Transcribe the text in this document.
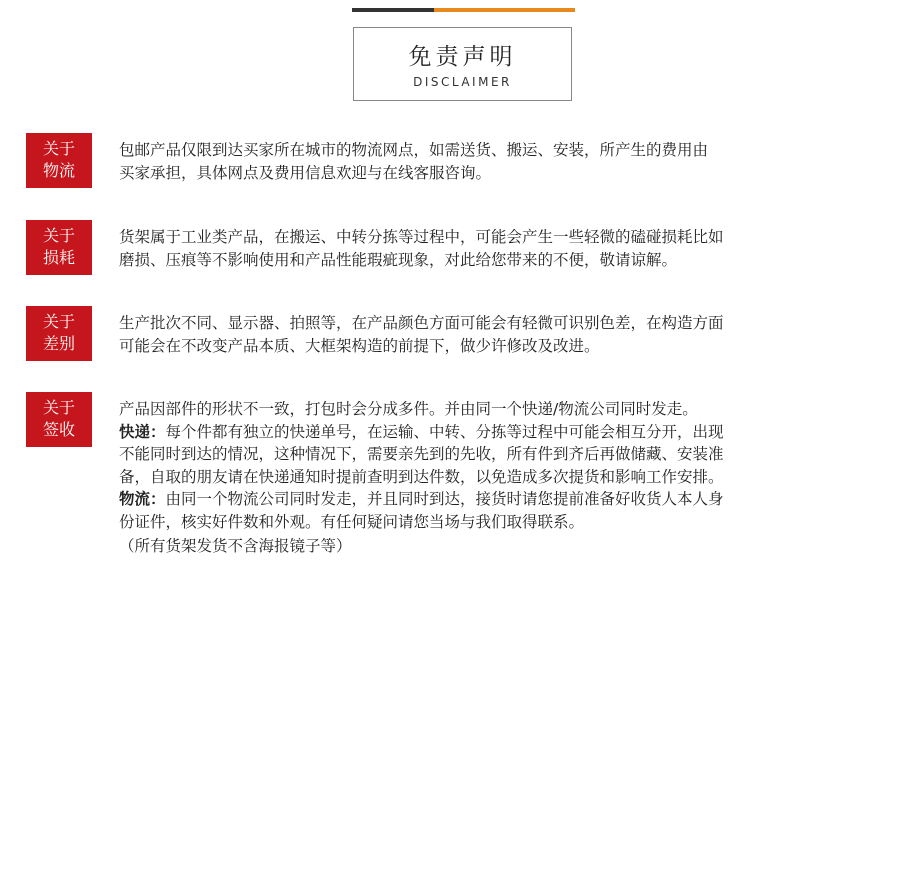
免责声明
DISCLAIMER
关于
物流

包邮产品仅限到达买家所在城市的物流网点，如需送货、搬运、安装，所产生的费用由

买家承担，具体网点及费用信息欢迎与在线客服咨询。

关于
损耗

货架属于工业类产品，在搬运、中转分拣等过程中，可能会产生一些轻微的磕碰损耗比如

磨损、压痕等不影响使用和产品性能瑕疵现象，对此给您带来的不便，敬请谅解。

关于
差别

生产批次不同、显示器、拍照等，在产品颜色方面可能会有轻微可识别色差，在构造方面

可能会在不改变产品本质、大框架构造的前提下，做少许修改及改进。

关于
签收

产品因部件的形状不一致，打包时会分成多件。并由同一个快递/物流公司同时发走。

快递：每个件都有独立的快递单号，在运输、中转、分拣等过程中可能会相互分开，出现

不能同时到达的情况，这种情况下，需要亲先到的先收，所有件到齐后再做储藏、安装准

备，自取的朋友请在快递通知时提前查明到达件数，以免造成多次提货和影响工作安排。

物流：由同一个物流公司同时发走，并且同时到达，接货时请您提前准备好收货人本人身

份证件，核实好件数和外观。有任何疑问请您当场与我们取得联系。

（所有货架发货不含海报镜子等）
